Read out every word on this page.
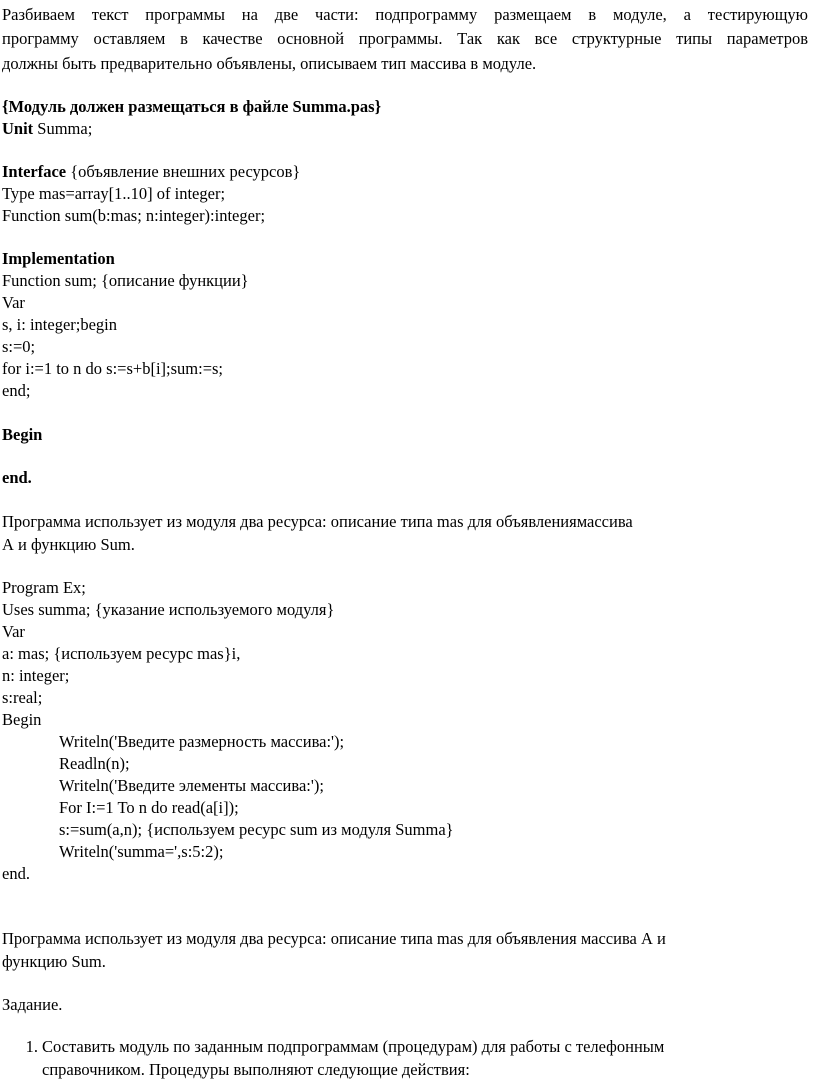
Разбиваем текст программы на две части: подпрограмму размещаем в модуле, а тестирующую
программу оставляем в качестве основной программы. Так как все структурные типы параметров
должны быть предварительно объявлены, описываем тип массива в модуле.
{Модуль должен размещаться в файле Summa.pas}
Unit Summa;
Interface {объявление внешних ресурсов}
Type mas=array[1..10] of integer;
Function sum(b:mas; n:integer):integer;
Implementation
Function sum; {описание функции}
Var
s, i: integer;begin
s:=0;
for i:=1 to n do s:=s+b[i];sum:=s;
end;
Begin
end.
Программа использует из модуля два ресурса: описание типа mas для объявлениямассива
А и функцию Sum.
Program Ex;
Uses summa; {указание используемого модуля}
Var
a: mas; {используем ресурс mas}i,
n: integer;
s:real;
Begin
Writeln('Введите размерность массива:');
Readln(n);
Writeln('Введите элементы массива:');
For I:=1 To n do read(a[i]);
s:=sum(a,n); {используем ресурс sum из модуля Summa}
Writeln('summa=',s:5:2);
end.
Программа использует из модуля два ресурса: описание типа mas для объявления массива А и
функцию Sum.
Задание.
1. Составить модуль по заданным подпрограммам (процедурам) для работы с телефонным
справочником. Процедуры выполняют следующие действия:
